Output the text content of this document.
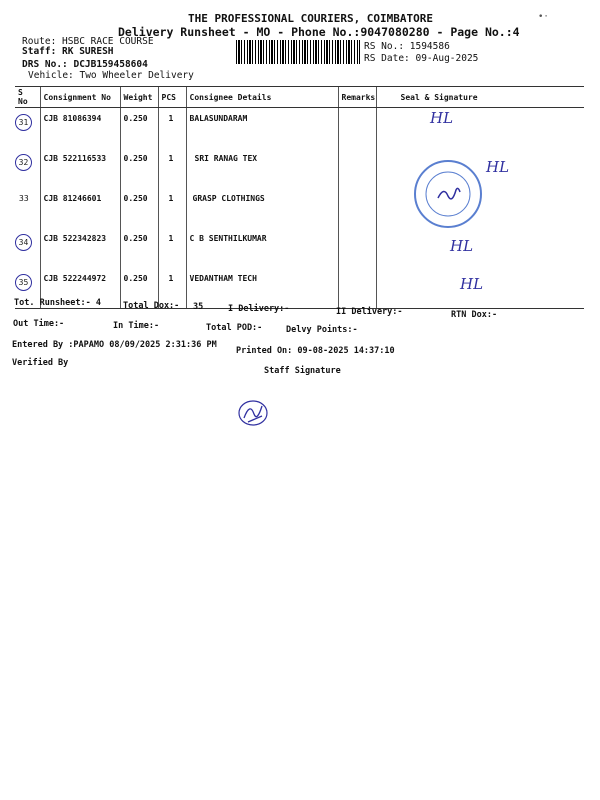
THE PROFESSIONAL COURIERS, COIMBATORE	•·
Delivery Runsheet - MO - Phone No.:9047080280 - Page No.:4
Route: HSBC RACE COURSE
Staff: RK SURESH
DRS No.: DCJB159458604
Vehicle: Two Wheeler Delivery
RS No.: 1594586
RS Date: 09-Aug-2025
S No	Consignment No	Weight	PCS	Consignee Details	Remarks	Seal & Signature
31	CJB 81086394	0.250	1	BALASUNDARAM		
32	CJB 522116533	0.250	1	SRI RANAG TEX		
33	CJB 81246601	0.250	1	GRASP CLOTHINGS		
34	CJB 522342823	0.250	1	C B SENTHILKUMAR		
35	CJB 522244972	0.250	1	VEDANTHAM TECH		
HL
HL
HL
HL
Tot. Runsheet:- 4	Total Dox:- 35	I Delivery:-	II Delivery:-	RTN Dox:-
Out Time:-	In Time:-	Total POD:-	Delvy Points:-
Entered By :PAPAMO 08/09/2025 2:31:36 PM
Printed On: 09-08-2025 14:37:10
Verified By
Staff Signature
